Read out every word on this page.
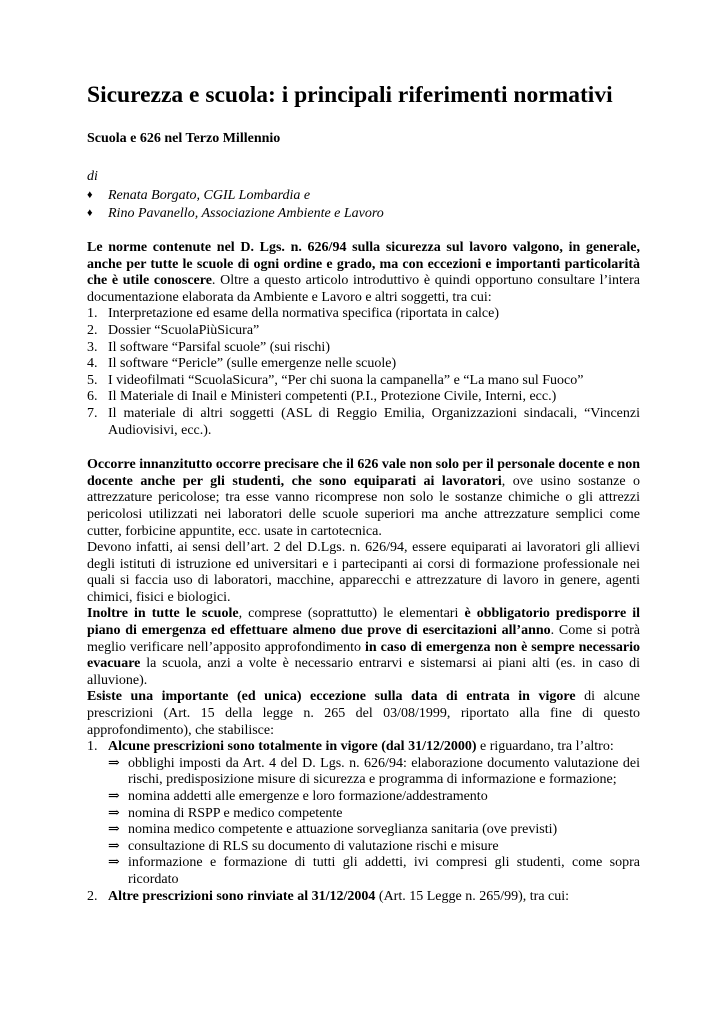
Sicurezza e scuola: i principali riferimenti normativi

Scuola e 626 nel Terzo Millennio

di

♦ Renata Borgato, CGIL Lombardia e
♦ Rino Pavanello, Associazione Ambiente e Lavoro

Le norme contenute nel D. Lgs. n. 626/94 sulla sicurezza sul lavoro valgono, in generale, anche per tutte le scuole di ogni ordine e grado, ma con eccezioni e importanti particolarità che è utile conoscere. Oltre a questo articolo introduttivo è quindi opportuno consultare l’intera documentazione elaborata da Ambiente e Lavoro e altri soggetti, tra cui:

1. Interpretazione ed esame della normativa specifica (riportata in calce)
2. Dossier “ScuolaPiùSicura”
3. Il software “Parsifal scuole” (sui rischi)
4. Il software “Pericle” (sulle emergenze nelle scuole)
5. I videofilmati “ScuolaSicura”, “Per chi suona la campanella” e “La mano sul Fuoco”
6. Il Materiale di Inail e Ministeri competenti (P.I., Protezione Civile, Interni, ecc.)
7. Il materiale di altri soggetti (ASL di Reggio Emilia, Organizzazioni sindacali, “Vincenzi Audiovisivi, ecc.).

Occorre innanzitutto occorre precisare che il 626 vale non solo per il personale docente e non docente anche per gli studenti, che sono equiparati ai lavoratori, ove usino sostanze o attrezzature pericolose; tra esse vanno ricomprese non solo le sostanze chimiche o gli attrezzi pericolosi utilizzati nei laboratori delle scuole superiori ma anche attrezzature semplici come cutter, forbicine appuntite, ecc. usate in cartotecnica.

Devono infatti, ai sensi dell’art. 2 del D.Lgs. n. 626/94, essere equiparati ai lavoratori gli allievi degli istituti di istruzione ed universitari e i partecipanti ai corsi di formazione professionale nei quali si faccia uso di laboratori, macchine, apparecchi e attrezzature di lavoro in genere, agenti chimici, fisici e biologici.

Inoltre in tutte le scuole, comprese (soprattutto) le elementari è obbligatorio predisporre il piano di emergenza ed effettuare almeno due prove di esercitazioni all’anno. Come si potrà meglio verificare nell’apposito approfondimento in caso di emergenza non è sempre necessario evacuare la scuola, anzi a volte è necessario entrarvi e sistemarsi ai piani alti (es. in caso di alluvione).

Esiste una importante (ed unica) eccezione sulla data di entrata in vigore di alcune prescrizioni (Art. 15 della legge n. 265 del 03/08/1999, riportato alla fine di questo approfondimento), che stabilisce:

1. Alcune prescrizioni sono totalmente in vigore (dal 31/12/2000) e riguardano, tra l’altro:
⇒ obblighi imposti da Art. 4 del D. Lgs. n. 626/94: elaborazione documento valutazione dei rischi, predisposizione misure di sicurezza e programma di informazione e formazione;
⇒ nomina addetti alle emergenze e loro formazione/addestramento
⇒ nomina di RSPP e medico competente
⇒ nomina medico competente e attuazione sorveglianza sanitaria (ove previsti)
⇒ consultazione di RLS su documento di valutazione rischi e misure
⇒ informazione e formazione di tutti gli addetti, ivi compresi gli studenti, come sopra ricordato
2. Altre prescrizioni sono rinviate al 31/12/2004 (Art. 15 Legge n. 265/99), tra cui:
